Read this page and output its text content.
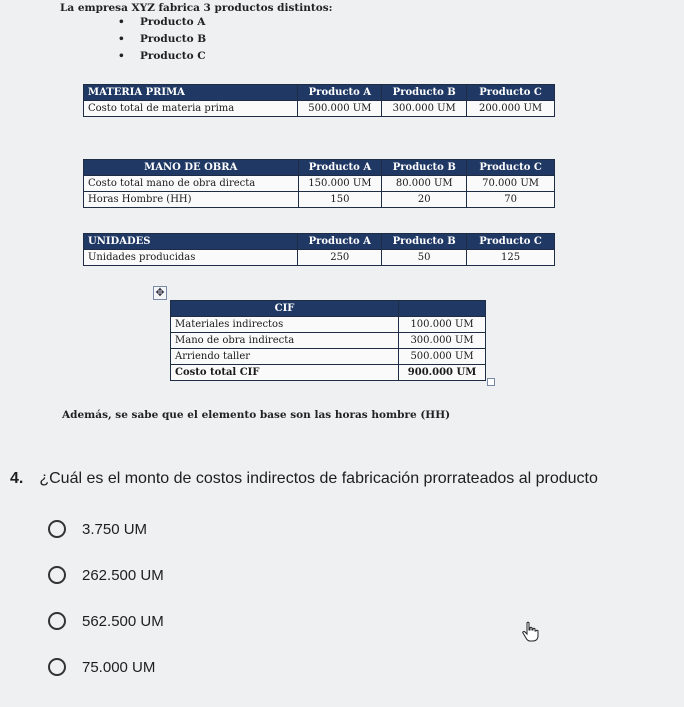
La empresa XYZ fabrica 3 productos distintos:
• Producto A
• Producto B
• Producto C
MATERIA PRIMA	Producto A	Producto B	Producto C
Costo total de materia prima	500.000 UM	300.000 UM	200.000 UM
MANO DE OBRA	Producto A	Producto B	Producto C
Costo total mano de obra directa	150.000 UM	80.000 UM	70.000 UM
Horas Hombre (HH)	150	20	70
UNIDADES	Producto A	Producto B	Producto C
Unidades producidas	250	50	125
✥
CIF	
Materiales indirectos	100.000 UM
Mano de obra indirecta	300.000 UM
Arriendo taller	500.000 UM
Costo total CIF	900.000 UM
Además, se sabe que el elemento base son las horas hombre (HH)
4. ¿Cuál es el monto de costos indirectos de fabricación prorrateados al producto
3.750 UM
262.500 UM
562.500 UM
75.000 UM
